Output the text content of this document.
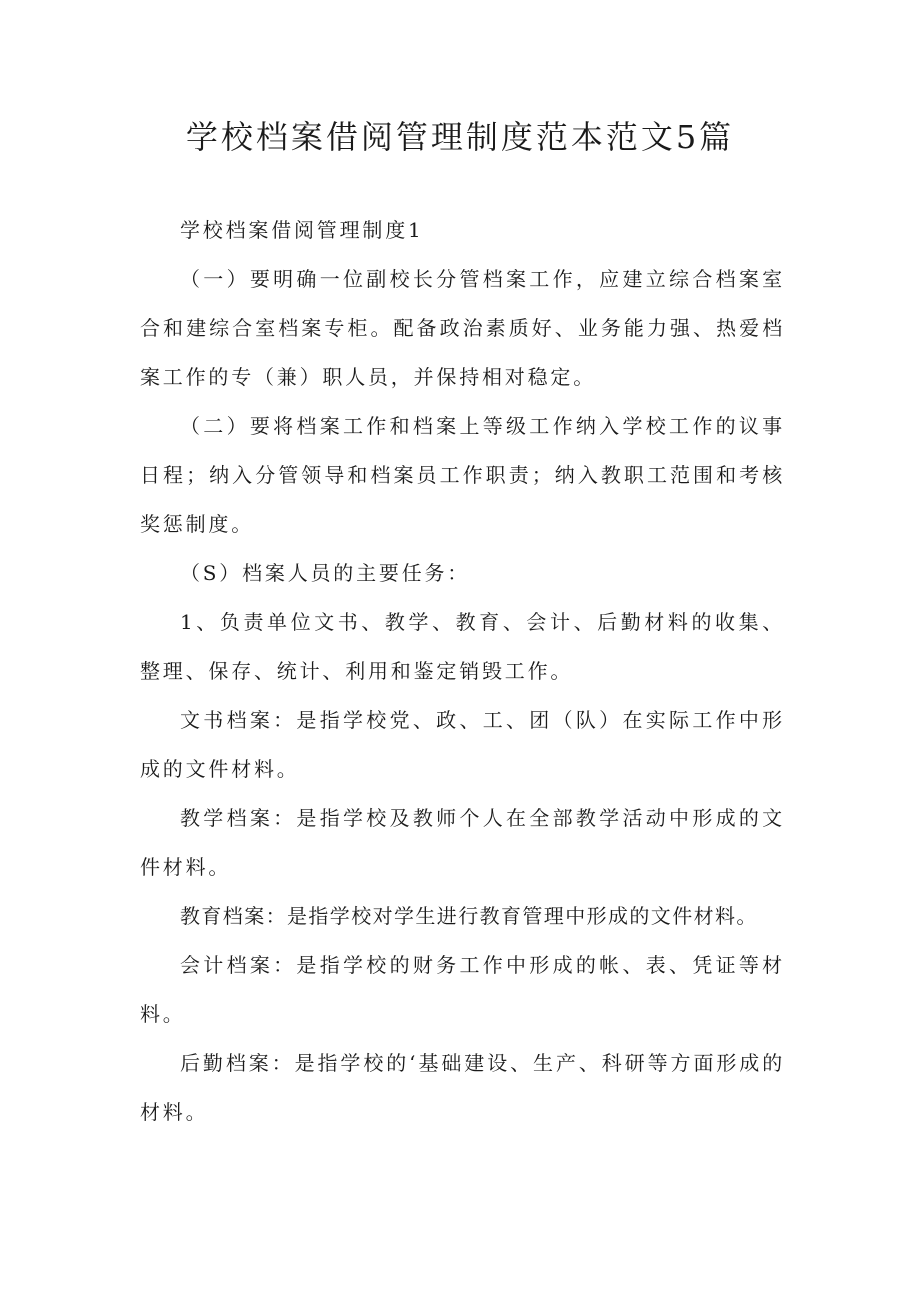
学校档案借阅管理制度范本范文5篇

学校档案借阅管理制度1

（一）要明确一位副校长分管档案工作，应建立综合档案室合和建综合室档案专柜。配备政治素质好、业务能力强、热爱档案工作的专（兼）职人员，并保持相对稳定。

（二）要将档案工作和档案上等级工作纳入学校工作的议事日程；纳入分管领导和档案员工作职责；纳入教职工范围和考核奖惩制度。

（S）档案人员的主要任务：

1、负责单位文书、教学、教育、会计、后勤材料的收集、整理、保存、统计、利用和鉴定销毁工作。

文书档案：是指学校党、政、工、团（队）在实际工作中形成的文件材料。

教学档案：是指学校及教师个人在全部教学活动中形成的文件材料。

教育档案：是指学校对学生进行教育管理中形成的文件材料。

会计档案：是指学校的财务工作中形成的帐、表、凭证等材料。

后勤档案：是指学校的‘基础建设、生产、科研等方面形成的材料。
